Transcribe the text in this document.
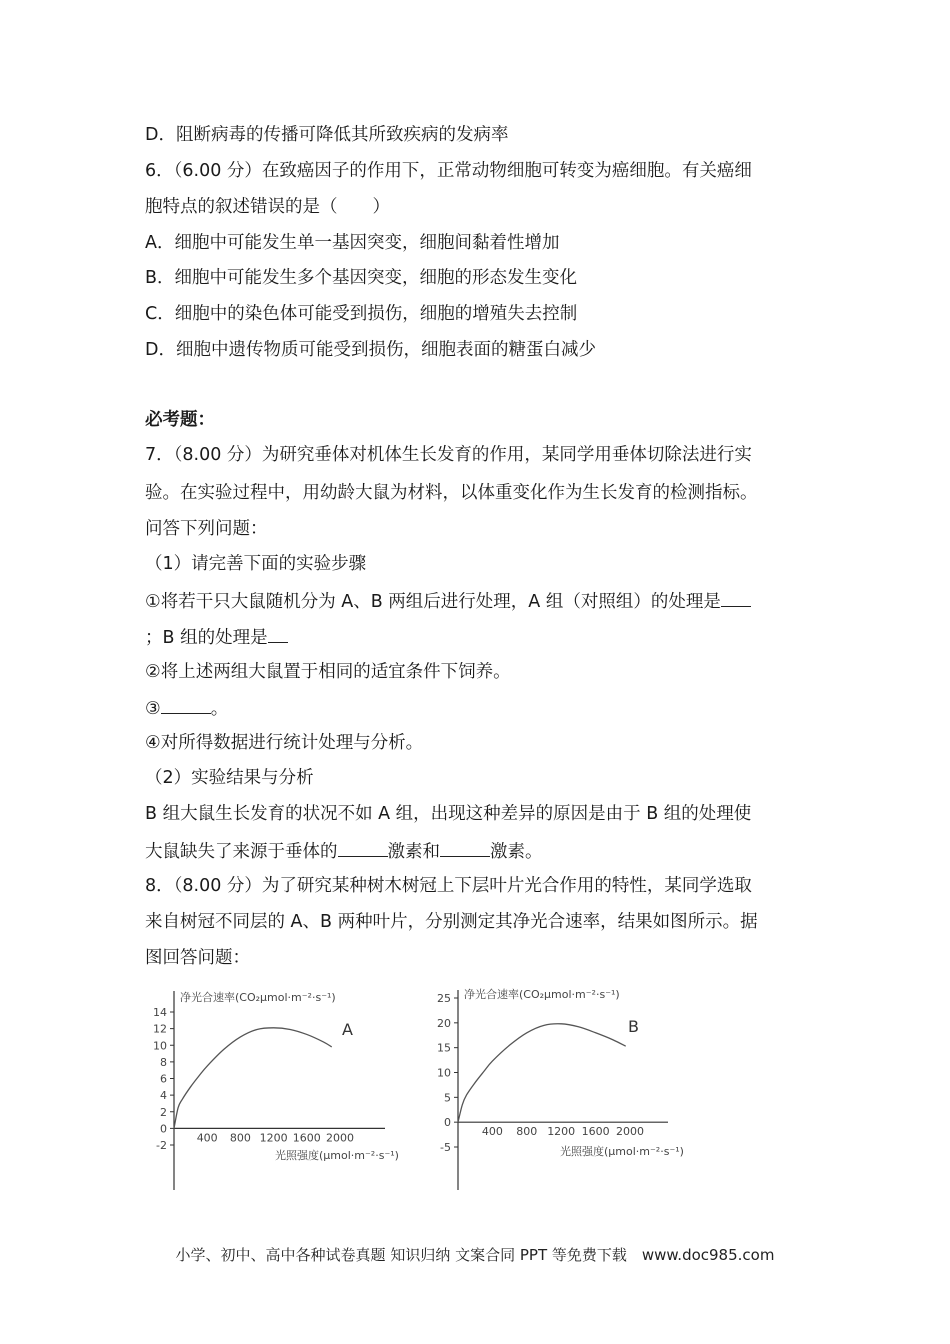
D．阻断病毒的传播可降低其所致疾病的发病率
6．（6.00 分）在致癌因子的作用下，正常动物细胞可转变为癌细胞。有关癌细
胞特点的叙述错误的是（　　）
A．细胞中可能发生单一基因突变，细胞间黏着性增加
B．细胞中可能发生多个基因突变，细胞的形态发生变化
C．细胞中的染色体可能受到损伤，细胞的增殖失去控制
D．细胞中遗传物质可能受到损伤，细胞表面的糖蛋白减少
必考题：
7．（8.00 分）为研究垂体对机体生长发育的作用，某同学用垂体切除法进行实
验。在实验过程中，用幼龄大鼠为材料，以体重变化作为生长发育的检测指标。
问答下列问题：
（1）请完善下面的实验步骤
①将若干只大鼠随机分为 A、B 两组后进行处理，A 组（对照组）的处理是
；B 组的处理是
②将上述两组大鼠置于相同的适宜条件下饲养。
③	。
④对所得数据进行统计处理与分析。
（2）实验结果与分析
B 组大鼠生长发育的状况不如 A 组，出现这种差异的原因是由于 B 组的处理使
大鼠缺失了来源于垂体的	激素和	激素。
8．（8.00 分）为了研究某种树木树冠上下层叶片光合作用的特性，某同学选取
来自树冠不同层的 A、B 两种叶片，分别测定其净光合速率，结果如图所示。据
图回答问题：
净光合速率(CO₂μmol·m⁻²·s⁻¹)
光照强度(μmol·m⁻²·s⁻¹)
A
-2
0
2
4
6
8
10
12
14
400 800 1200 1600 2000
净光合速率(CO₂μmol·m⁻²·s⁻¹)
光照强度(μmol·m⁻²·s⁻¹)
B
-5
0
5
10
15
20
25
400 800 1200 1600 2000
小学、初中、高中各种试卷真题 知识归纳 文案合同 PPT 等免费下载　www.doc985.com
